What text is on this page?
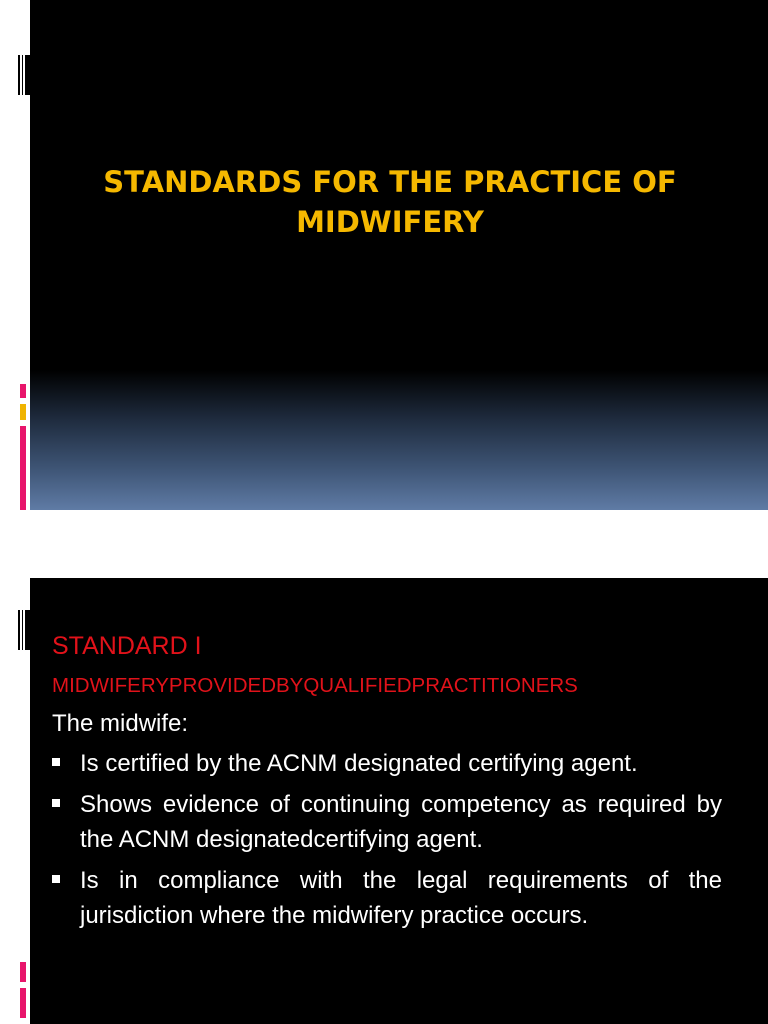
STANDARDS FOR THE PRACTICE OF MIDWIFERY

STANDARD I

MIDWIFERYPROVIDEDBYQUALIFIEDPRACTITIONERS

The midwife:

Is certified by the ACNM designated certifying agent.
Shows evidence of continuing competency as required by the ACNM designatedcertifying agent.
Is in compliance with the legal requirements of the jurisdiction where the midwifery practice occurs.
